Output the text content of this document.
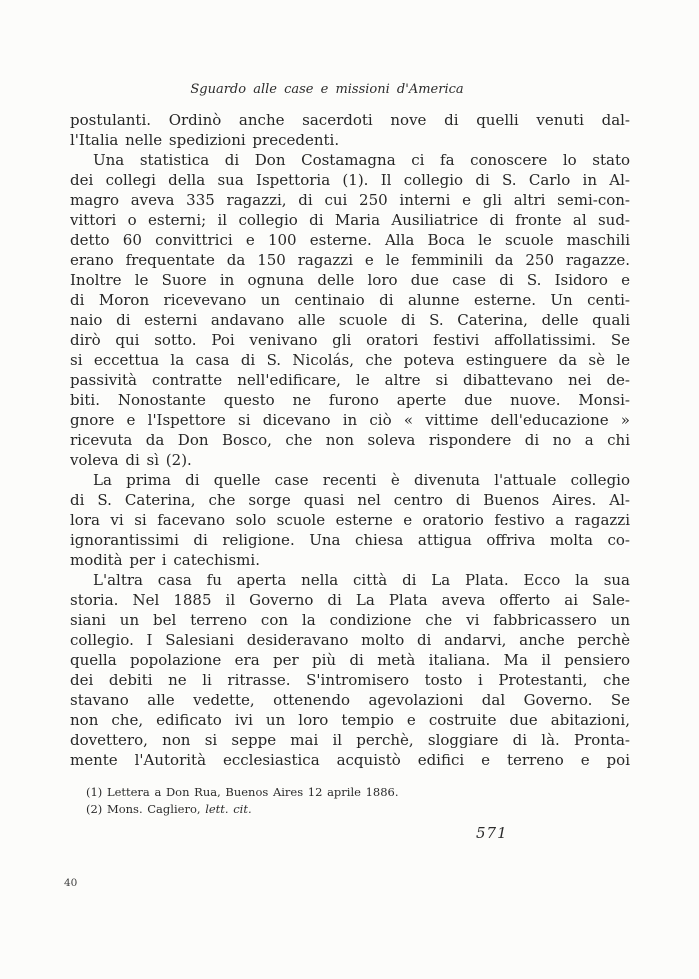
Sguardo alle case e missioni d'America
postulanti. Ordinò anche sacerdoti nove di quelli venuti dal-
l'Italia nelle spedizioni precedenti.
Una statistica di Don Costamagna ci fa conoscere lo stato
dei collegi della sua Ispettoria (1). Il collegio di S. Carlo in Al-
magro aveva 335 ragazzi, di cui 250 interni e gli altri semi-con-
vittori o esterni; il collegio di Maria Ausiliatrice di fronte al sud-
detto 60 convittrici e 100 esterne. Alla Boca le scuole maschili
erano frequentate da 150 ragazzi e le femminili da 250 ragazze.
Inoltre le Suore in ognuna delle loro due case di S. Isidoro e
di Moron ricevevano un centinaio di alunne esterne. Un centi-
naio di esterni andavano alle scuole di S. Caterina, delle quali
dirò qui sotto. Poi venivano gli oratori festivi affollatissimi. Se
si eccettua la casa di S. Nicolás, che poteva estinguere da sè le
passività contratte nell'edificare, le altre si dibattevano nei de-
biti. Nonostante questo ne furono aperte due nuove. Monsi-
gnore e l'Ispettore si dicevano in ciò « vittime dell'educazione »
ricevuta da Don Bosco, che non soleva rispondere di no a chi
voleva di sì (2).
La prima di quelle case recenti è divenuta l'attuale collegio
di S. Caterina, che sorge quasi nel centro di Buenos Aires. Al-
lora vi si facevano solo scuole esterne e oratorio festivo a ragazzi
ignorantissimi di religione. Una chiesa attigua offriva molta co-
modità per i catechismi.
L'altra casa fu aperta nella città di La Plata. Ecco la sua
storia. Nel 1885 il Governo di La Plata aveva offerto ai Sale-
siani un bel terreno con la condizione che vi fabbricassero un
collegio. I Salesiani desideravano molto di andarvi, anche perchè
quella popolazione era per più di metà italiana. Ma il pensiero
dei debiti ne li ritrasse. S'intromisero tosto i Protestanti, che
stavano alle vedette, ottenendo agevolazioni dal Governo. Se
non che, edificato ivi un loro tempio e costruite due abitazioni,
dovettero, non si seppe mai il perchè, sloggiare di là. Pronta-
mente l'Autorità ecclesiastica acquistò edifici e terreno e poi
(1) Lettera a Don Rua, Buenos Aires 12 aprile 1886.
(2) Mons. Cagliero, lett. cit.
571
40
